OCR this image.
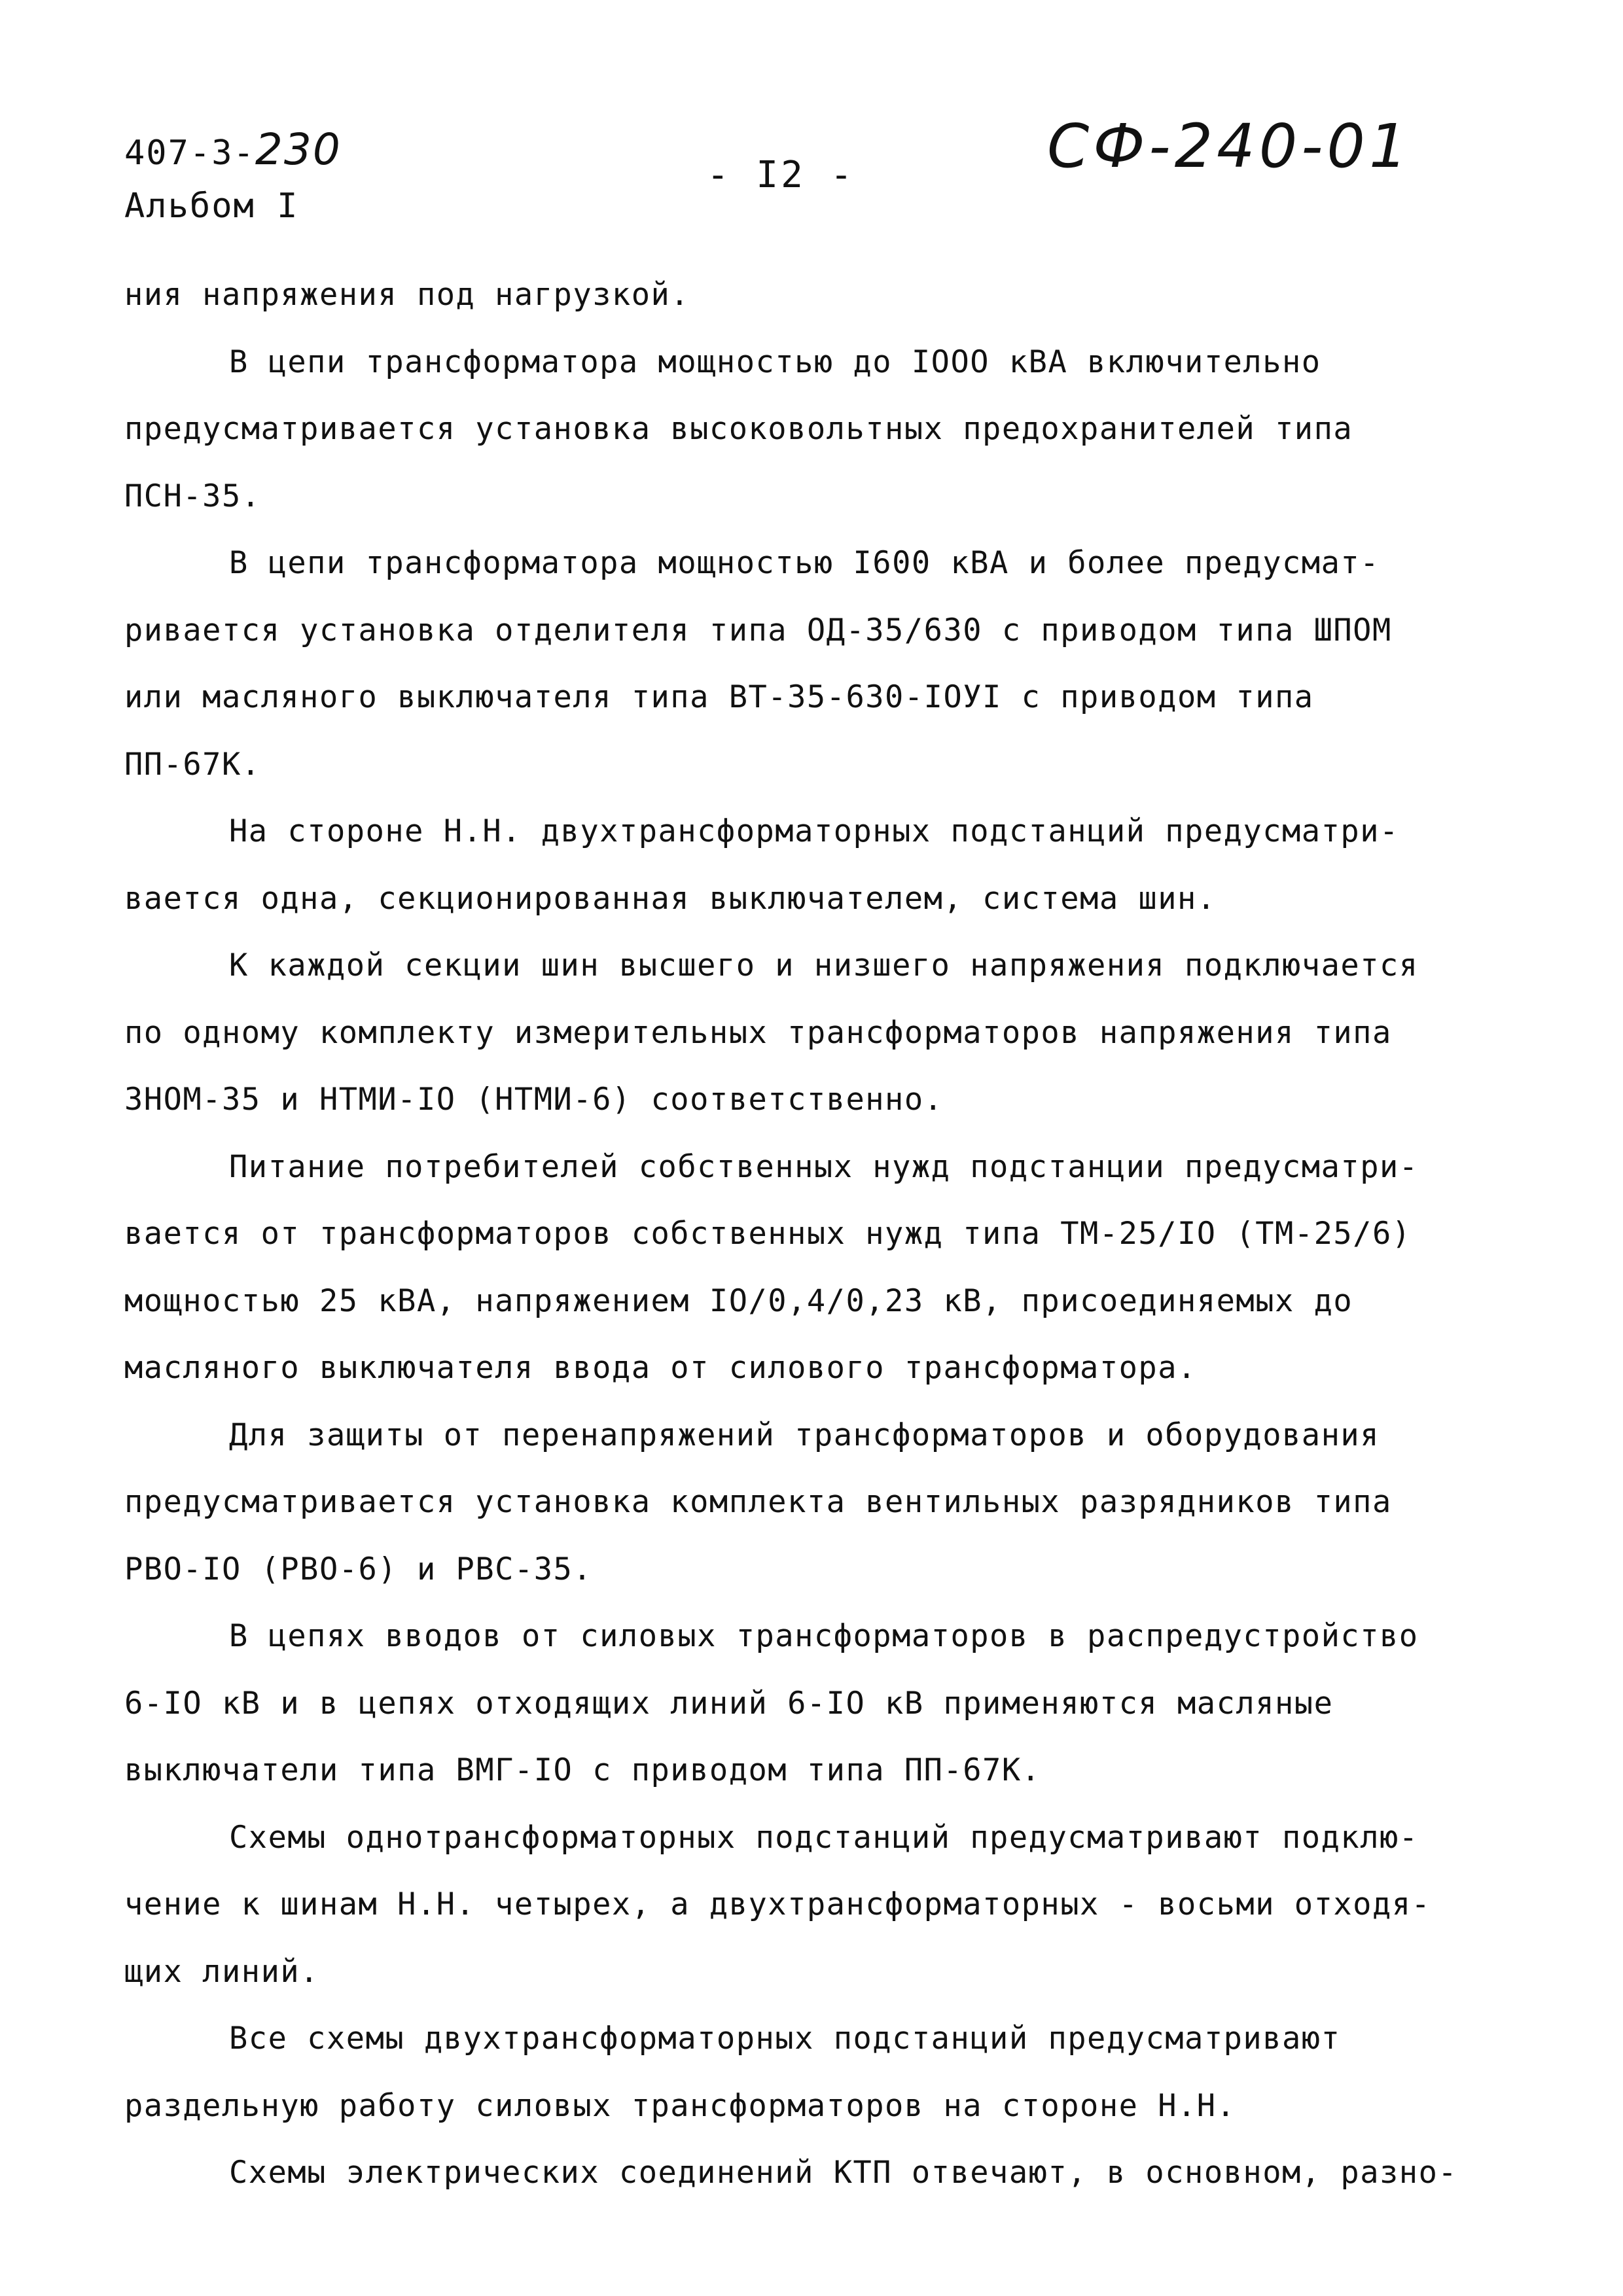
407-3-230
Альбом I
- I2 -	СФ-240-01
ния напряжения под нагрузкой.
В цепи трансформатора мощностью до IOOO кВА включительно
предусматривается установка высоковольтных предохранителей типа
ПСН-35.
В цепи трансформатора мощностью I600 кВА и более предусмат-
ривается установка отделителя типа ОД-35/630 с приводом типа ШПОМ
или масляного выключателя типа ВТ-35-630-IOУI с приводом типа
ПП-67К.
На стороне Н.Н. двухтрансформаторных подстанций предусматри-
вается одна, секционированная выключателем, система шин.
К каждой секции шин высшего и низшего напряжения подключается
по одному комплекту измерительных трансформаторов напряжения типа
ЗНОМ-35 и НТМИ-IO (НТМИ-6) соответственно.
Питание потребителей собственных нужд подстанции предусматри-
вается от трансформаторов собственных нужд типа ТМ-25/IO (ТМ-25/6)
мощностью 25 кВА, напряжением IO/0,4/0,23 кВ, присоединяемых до
масляного выключателя ввода от силового трансформатора.
Для защиты от перенапряжений трансформаторов и оборудования
предусматривается установка комплекта вентильных разрядников типа
РВО-IO (РВО-6) и РВС-35.
В цепях вводов от силовых трансформаторов в распредустройство
6-IO кВ и в цепях отходящих линий 6-IO кВ применяются масляные
выключатели типа ВМГ-IO с приводом типа ПП-67К.
Схемы однотрансформаторных подстанций предусматривают подклю-
чение к шинам Н.Н. четырех, а двухтрансформаторных - восьми отходя-
щих линий.
Все схемы двухтрансформаторных подстанций предусматривают
раздельную работу силовых трансформаторов на стороне Н.Н.
Схемы электрических соединений КТП отвечают, в основном, разно-
